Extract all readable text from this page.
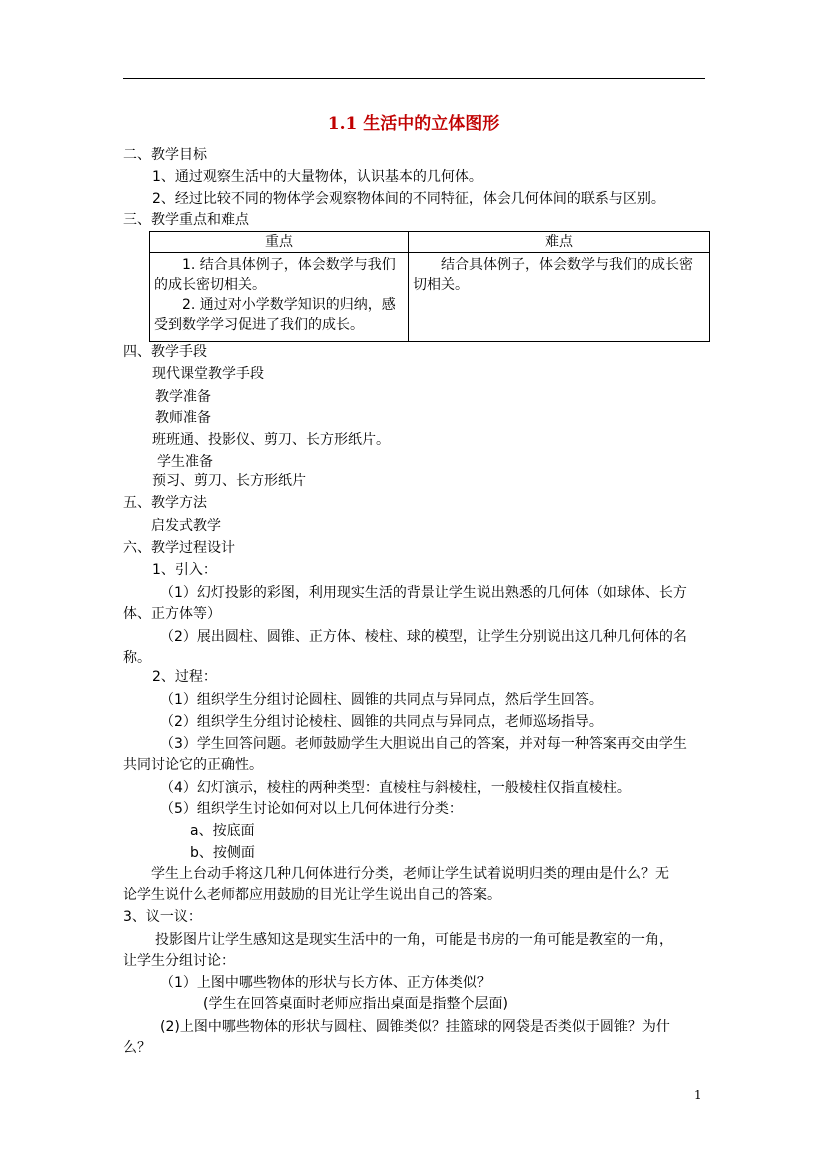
1.1 生活中的立体图形
二、教学目标
1、通过观察生活中的大量物体，认识基本的几何体。
2、经过比较不同的物体学会观察物体间的不同特征，体会几何体间的联系与区别。
三、教学重点和难点
重点	难点

1. 结合具体例子，体会数学与我们的成长密切相关。
2. 通过对小学数学知识的归纳，感受到数学学习促进了我们的成长。	结合具体例子，体会数学与我们的成长密切相关。
四、教学手段
现代课堂教学手段
教学准备
教师准备
班班通、投影仪、剪刀、长方形纸片。
学生准备
预习、剪刀、长方形纸片
五、教学方法
启发式教学
六、教学过程设计
1、引入：
（1）幻灯投影的彩图，利用现实生活的背景让学生说出熟悉的几何体（如球体、长方
体、正方体等）
（2）展出圆柱、圆锥、正方体、棱柱、球的模型，让学生分别说出这几种几何体的名
称。
2、过程：
（1）组织学生分组讨论圆柱、圆锥的共同点与异同点，然后学生回答。
（2）组织学生分组讨论棱柱、圆锥的共同点与异同点，老师巡场指导。
（3）学生回答问题。老师鼓励学生大胆说出自己的答案，并对每一种答案再交由学生
共同讨论它的正确性。
（4）幻灯演示，棱柱的两种类型：直棱柱与斜棱柱，一般棱柱仅指直棱柱。
（5）组织学生讨论如何对以上几何体进行分类：
a、按底面
b、按侧面
学生上台动手将这几种几何体进行分类，老师让学生试着说明归类的理由是什么？无
论学生说什么老师都应用鼓励的目光让学生说出自己的答案。
3、议一议：
投影图片让学生感知这是现实生活中的一角，可能是书房的一角可能是教室的一角，
让学生分组讨论：
（1）上图中哪些物体的形状与长方体、正方体类似？
(学生在回答桌面时老师应指出桌面是指整个层面)
(2)上图中哪些物体的形状与圆柱、圆锥类似？挂篮球的网袋是否类似于圆锥？为什
么？
1
